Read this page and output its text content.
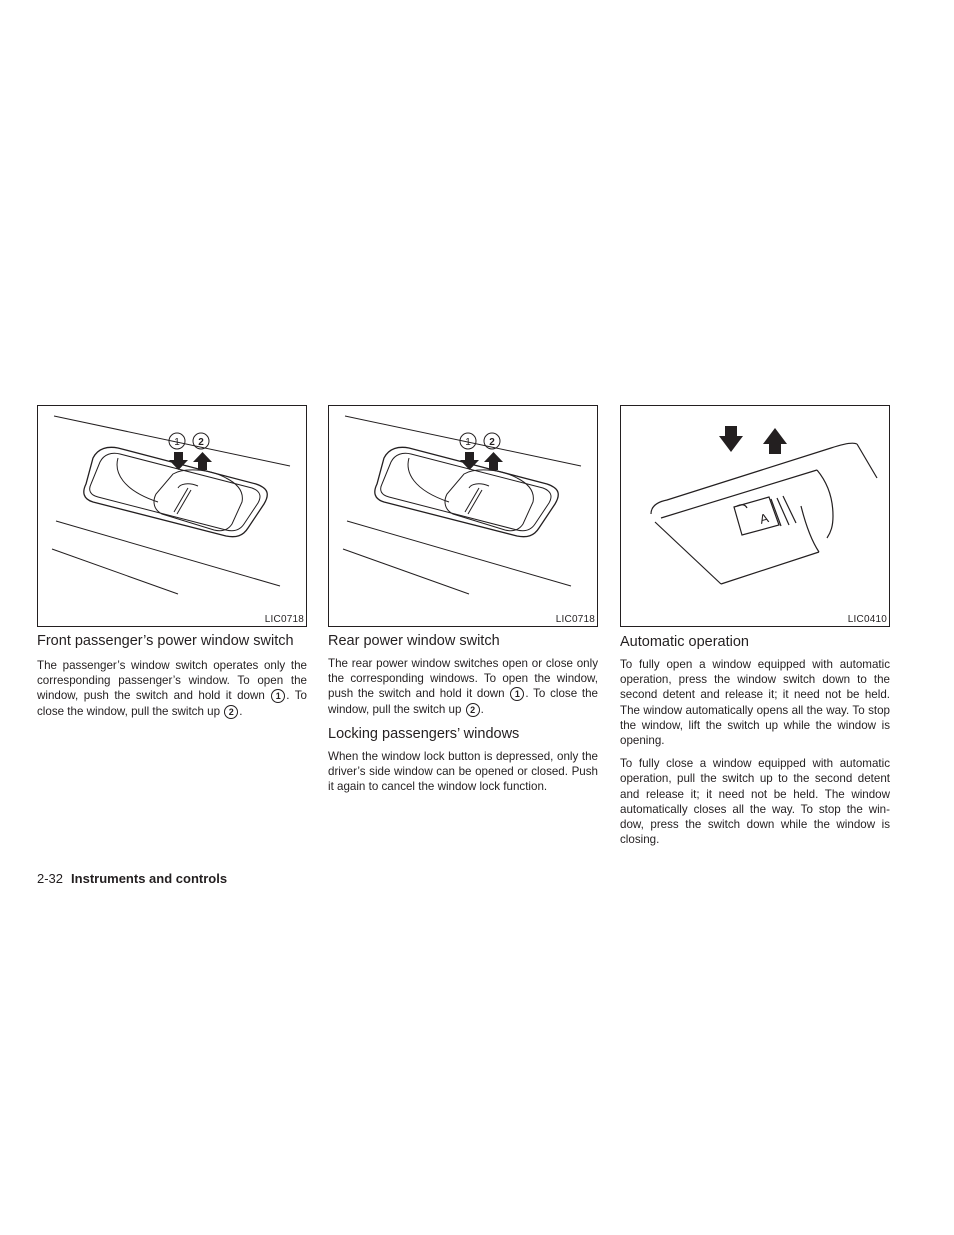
1 2
LIC0718
1 2
LIC0718
A
LIC0410
Front passenger’s power window switch

The passenger’s window switch operates only the corresponding passenger’s window. To open the window, push the switch and hold it down 1 . To close the window, pull the switch up 2 .

Rear power window switch

The rear power window switches open or close only the corresponding windows. To open the window, push the switch and hold it down 1 . To close the window, pull the switch up 2 .

Locking passengers’ windows

When the window lock button is depressed, only the driver’s side window can be opened or closed. Push it again to cancel the window lock function.

Automatic operation

To fully open a window equipped with automatic operation, press the window switch down to the second detent and release it; it need not be held. The window automatically opens all the way. To stop the window, lift the switch up while the window is opening.

To fully close a window equipped with automatic operation, pull the switch up to the second detent and release it; it need not be held. The window automatically closes all the way. To stop the win- dow, press the switch down while the window is closing.

2-32 Instruments and controls
